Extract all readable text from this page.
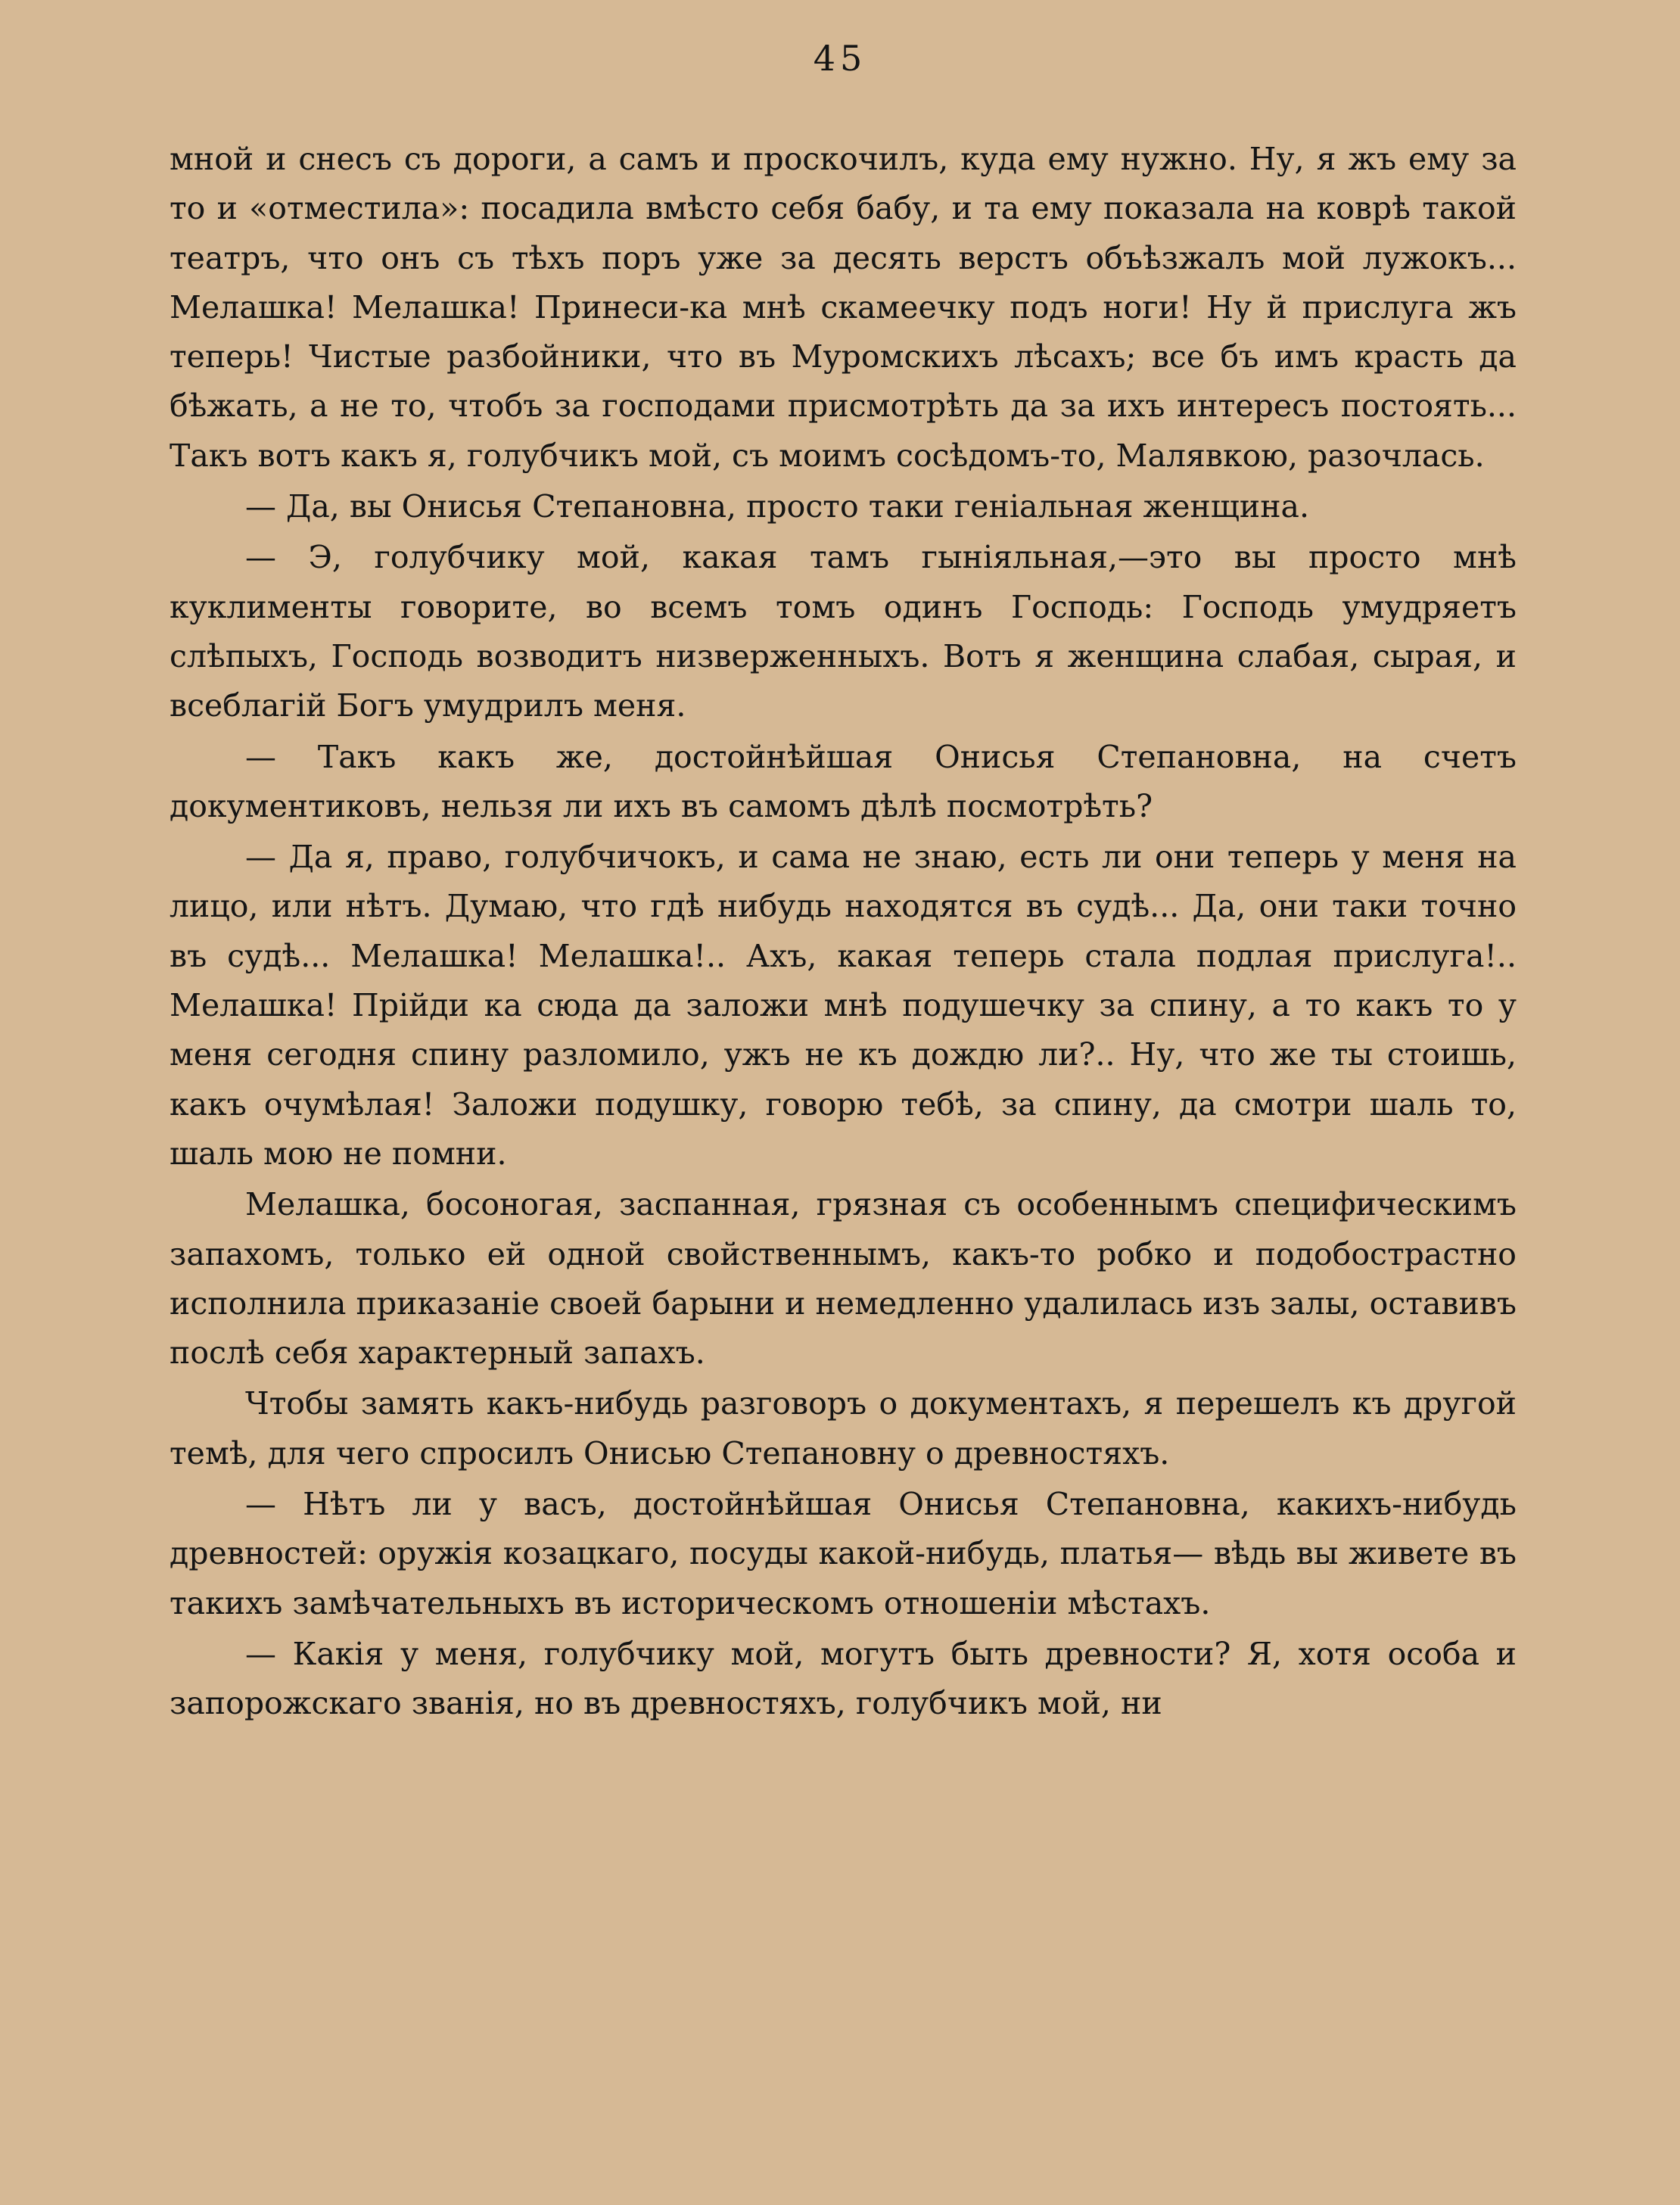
45

мной и снесъ съ дороги, а самъ и проскочилъ, куда ему нужно. Ну, я жъ ему за то и «отместила»: посадила вмѣсто себя бабу, и та ему показала на коврѣ такой театръ, что онъ съ тѣхъ поръ уже за десять верстъ объѣзжалъ мой лужокъ... Мелашка! Мелашка! Принеси-ка мнѣ скамеечку подъ ноги! Ну й прислуга жъ теперь! Чистые разбойники, что въ Муромскихъ лѣсахъ; все бъ имъ красть да бѣжать, а не то, чтобъ за господами присмотрѣть да за ихъ интересъ постоять... Такъ вотъ какъ я, голубчикъ мой, съ моимъ сосѣдомъ-то, Малявкою, разочлась.

— Да, вы Онисья Степановна, просто таки геніальная женщина.

— Э, голубчику мой, какая тамъ гынiяльная,—это вы просто мнѣ куклименты говорите, во всемъ томъ одинъ Господь: Господь умудряетъ слѣпыхъ, Господь возводитъ низверженныхъ. Вотъ я женщина слабая, сырая, и всеблагій Богъ умудрилъ меня.

— Такъ какъ же, достойнѣйшая Онисья Степановна, на счетъ документиковъ, нельзя ли ихъ въ самомъ дѣлѣ посмотрѣть?

— Да я, право, голубчичокъ, и сама не знаю, есть ли они теперь у меня на лицо, или нѣтъ. Думаю, что гдѣ нибудь находятся въ судѣ... Да, они таки точно въ судѣ... Мелашка! Мелашка!.. Ахъ, какая теперь стала подлая прислуга!.. Мелашка! Прійди ка сюда да заложи мнѣ подушечку за спину, а то какъ то у меня сегодня спину разломило, ужъ не къ дождю ли?.. Ну, что же ты стоишь, какъ очумѣлая! Заложи подушку, говорю тебѣ, за спину, да смотри шаль то, шаль мою не помни.

Мелашка, босоногая, заспанная, грязная съ особеннымъ специфическимъ запахомъ, только ей одной свойственнымъ, какъ-то робко и подобострастно исполнила приказаніе своей барыни и немедленно удалилась изъ залы, оставивъ послѣ себя характерный запахъ.

Чтобы замять какъ-нибудь разговоръ о документахъ, я перешелъ къ другой темѣ, для чего спросилъ Онисью Степановну о древностяхъ.

— Нѣтъ ли у васъ, достойнѣйшая Онисья Степановна, какихъ-нибудь древностей: оружія козацкаго, посуды какой-нибудь, платья— вѣдь вы живете въ такихъ замѣчательныхъ въ историческомъ отношеніи мѣстахъ.

— Какія у меня, голубчику мой, могутъ быть древности? Я, хотя особа и запорожскаго званія, но въ древностяхъ, голубчикъ мой, ни
